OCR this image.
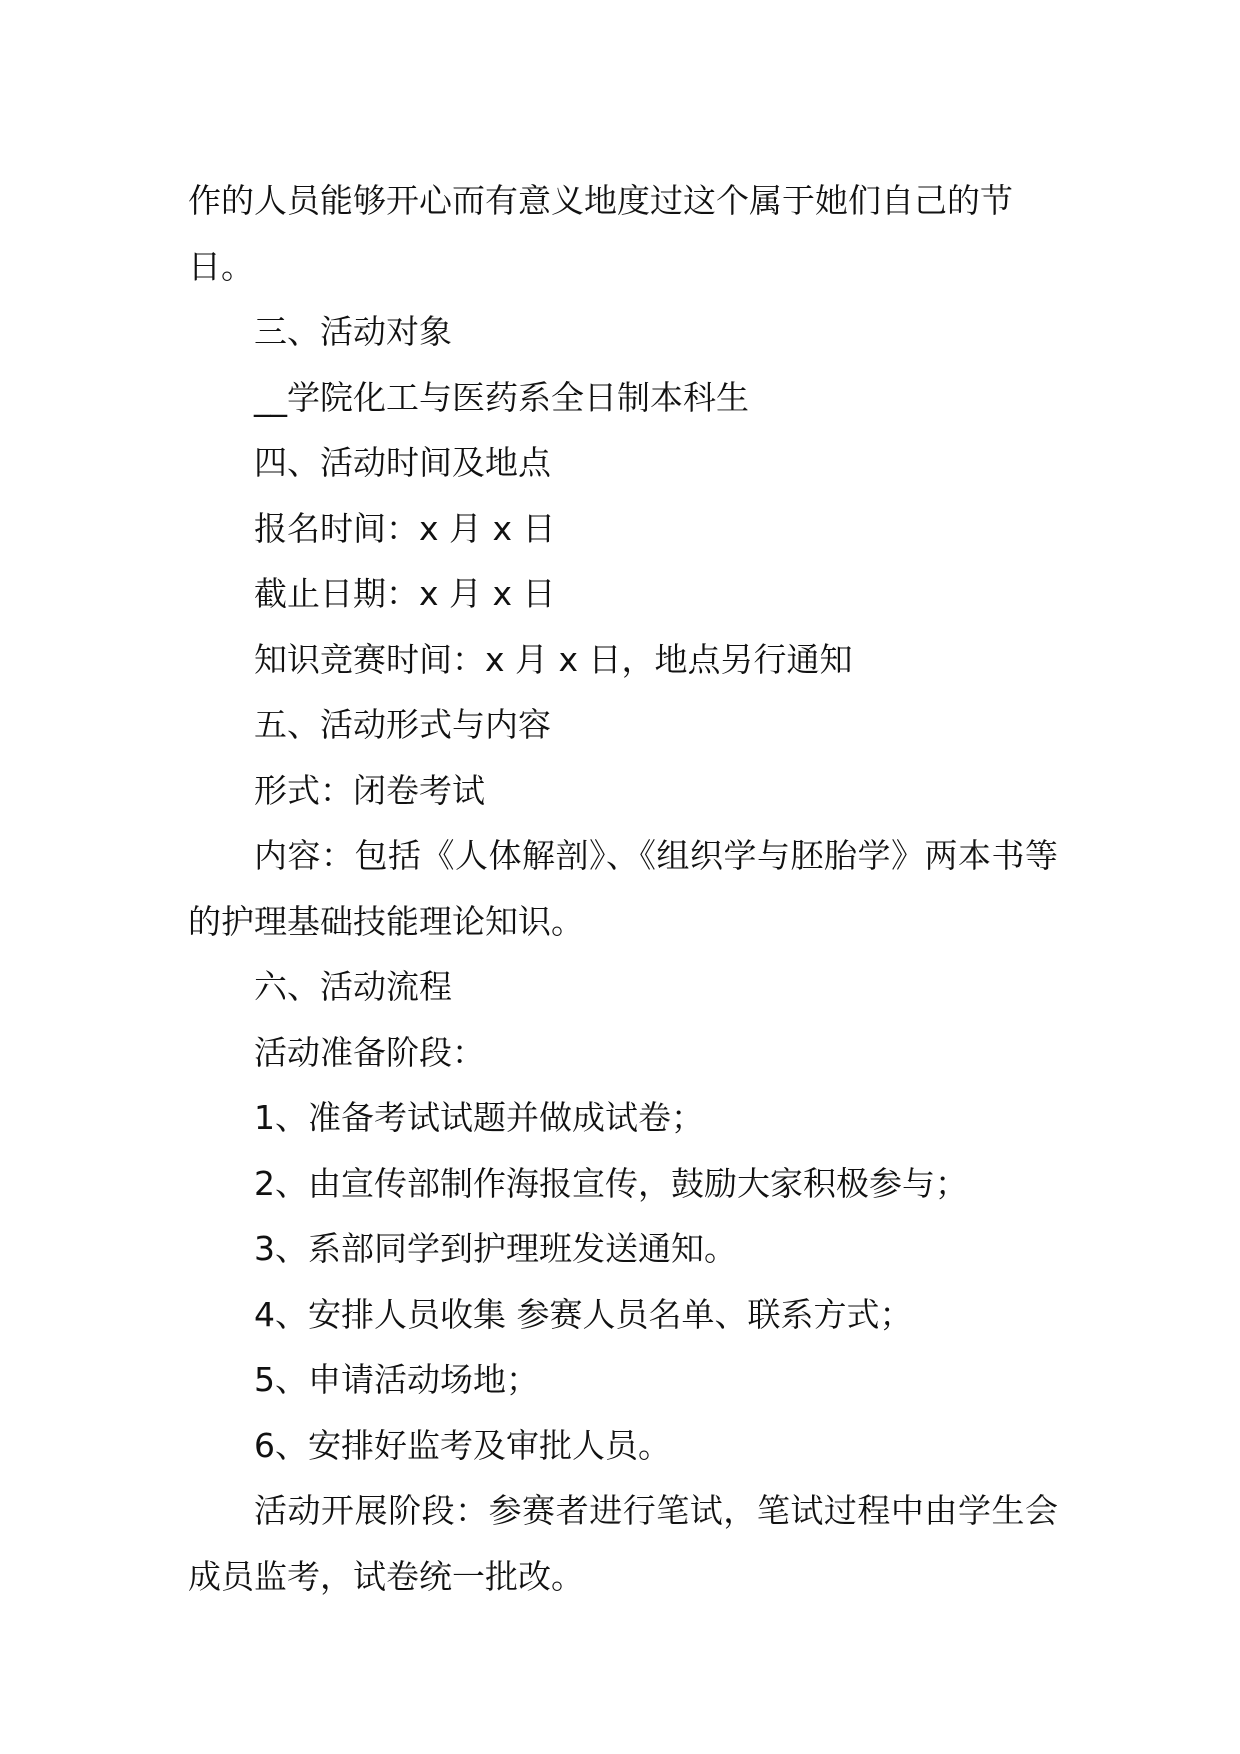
作的人员能够开心而有意义地度过这个属于她们自己的节日。

三、活动对象

__学院化工与医药系全日制本科生

四、活动时间及地点

报名时间：x 月 x 日

截止日期：x 月 x 日

知识竞赛时间：x 月 x 日，地点另行通知

五、活动形式与内容

形式：闭卷考试

内容：包括《人体解剖》、《组织学与胚胎学》两本书等的护理基础技能理论知识。

六、活动流程

活动准备阶段：

1、准备考试试题并做成试卷；

2、由宣传部制作海报宣传，鼓励大家积极参与；

3、系部同学到护理班发送通知。

4、安排人员收集 参赛人员名单、联系方式；

5、申请活动场地；

6、安排好监考及审批人员。

活动开展阶段：参赛者进行笔试，笔试过程中由学生会成员监考，试卷统一批改。
